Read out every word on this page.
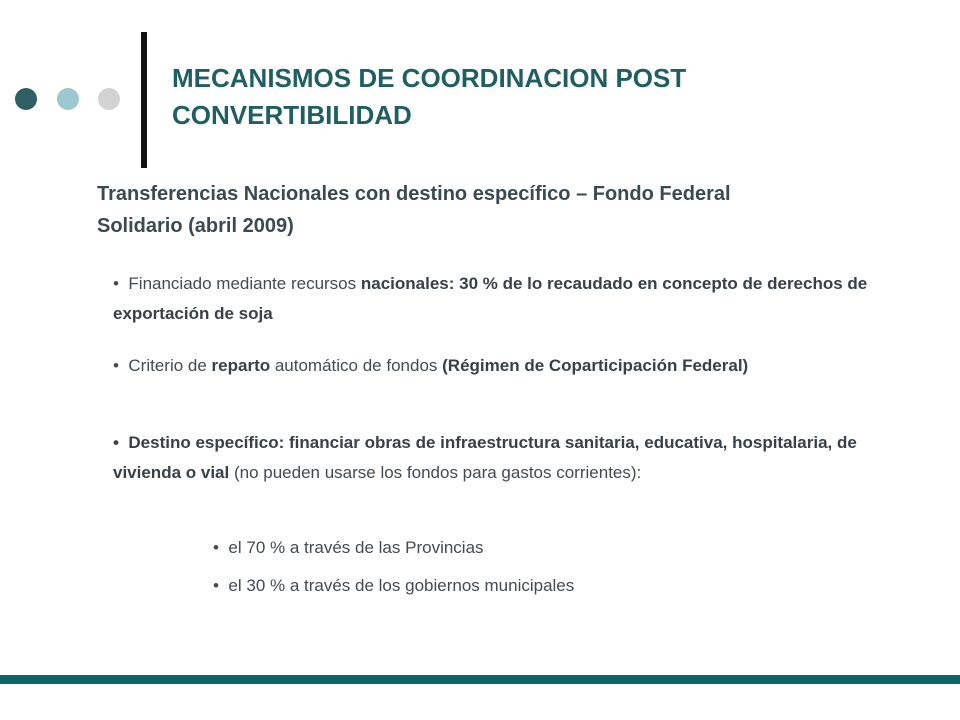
MECANISMOS DE COORDINACION POST
CONVERTIBILIDAD
Transferencias Nacionales con destino específico – Fondo Federal
Solidario (abril 2009)
• Financiado mediante recursos nacionales: 30 % de lo recaudado en concepto de derechos de exportación de soja
• Criterio de reparto automático de fondos (Régimen de Coparticipación Federal)
• Destino específico: financiar obras de infraestructura sanitaria, educativa, hospitalaria, de vivienda o vial (no pueden usarse los fondos para gastos corrientes):
• el 70 % a través de las Provincias
• el 30 % a través de los gobiernos municipales
